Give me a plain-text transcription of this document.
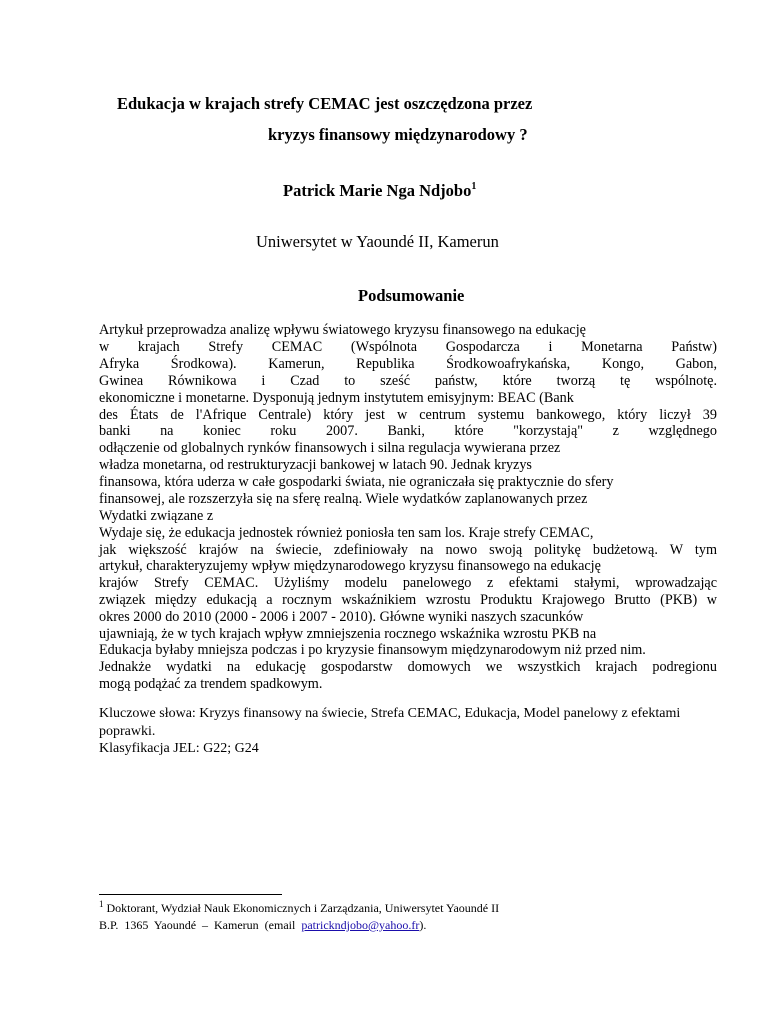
Edukacja w krajach strefy CEMAC jest oszczędzona przez
kryzys finansowy międzynarodowy ?
Patrick Marie Nga Ndjobo$^1$
Uniwersytet w Yaoundé II, Kamerun
Podsumowanie
Artykuł przeprowadza analizę wpływu światowego kryzysu finansowego na edukację
w krajach Strefy CEMAC (Wspólnota Gospodarcza i Monetarna Państw)
Afryka Środkowa). Kamerun, Republika Środkowoafrykańska, Kongo, Gabon,
Gwinea Równikowa i Czad to sześć państw, które tworzą tę wspólnotę.
ekonomiczne i monetarne. Dysponują jednym instytutem emisyjnym: BEAC (Bank
des États de l'Afrique Centrale) który jest w centrum systemu bankowego, który liczył 39
banki na koniec roku 2007. Banki, które "korzystają" z względnego
odłączenie od globalnych rynków finansowych i silna regulacja wywierana przez
władza monetarna, od restrukturyzacji bankowej w latach 90. Jednak kryzys
finansowa, która uderza w całe gospodarki świata, nie ograniczała się praktycznie do sfery
finansowej, ale rozszerzyła się na sferę realną. Wiele wydatków zaplanowanych przez
Wydatki związane z
Wydaje się, że edukacja jednostek również poniosła ten sam los. Kraje strefy CEMAC,
jak większość krajów na świecie, zdefiniowały na nowo swoją politykę budżetową. W tym
artykuł, charakteryzujemy wpływ międzynarodowego kryzysu finansowego na edukację
krajów Strefy CEMAC. Użyliśmy modelu panelowego z efektami stałymi, wprowadzając
związek między edukacją a rocznym wskaźnikiem wzrostu Produktu Krajowego Brutto (PKB) w
okres 2000 do 2010 (2000 - 2006 i 2007 - 2010). Główne wyniki naszych szacunków
ujawniają, że w tych krajach wpływ zmniejszenia rocznego wskaźnika wzrostu PKB na
Edukacja byłaby mniejsza podczas i po kryzysie finansowym międzynarodowym niż przed nim.
Jednakże wydatki na edukację gospodarstw domowych we wszystkich krajach podregionu
mogą podążać za trendem spadkowym.
Kluczowe słowa: Kryzys finansowy na świecie, Strefa CEMAC, Edukacja, Model panelowy z efektami
poprawki.
Klasyfikacja JEL: G22; G24
$^1$ Doktorant, Wydział Nauk Ekonomicznych i Zarządzania, Uniwersytet Yaoundé II
B.P.  1365  Yaoundé  –  Kamerun  (email  patrickndjobo@yahoo.fr).
